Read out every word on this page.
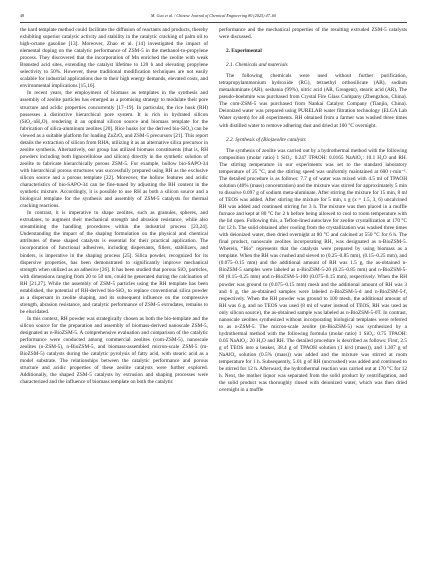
48	M. Guo et al. / Chinese Journal of Chemical Engineering 80 (2025) 47–60

the hard template method could facilitate the diffusion of reactants and products, thereby exhibiting superior catalytic activity and stability in the catalytic cracking of palm oil to high-octane gasoline [13]. Moreover, Zhao et al. [14] investigated the impact of elemental doping on the catalytic performance of ZSM-5 in the methanol-to-propylene process. They discovered that the incorporation of Mn enriched the zeolite with weak Brønsted acid sites, extending the catalyst lifetime to 120 h and elevating propylene selectivity to 50%. However, these traditional modification techniques are not easily scalable for industrial applications due to their high energy demands, elevated costs, and environmental implications [15,16].

In recent years, the employment of biomass as templates in the synthesis and assembly of zeolite particles has emerged as a promising strategy to modulate their pore structure and acidic properties concurrently [17–19]. In particular, the rice husk (RH) possesses a distinctive hierarchical pore system. It is rich in hydrated silicon (SiO₂·nH₂O), rendering it an optimal silicon source and biomass template for the fabrication of silica-aluminum zeolites [20]. Rice husks (or the derived bio-SiO₂) can be viewed as a suitable platform for loading ZnZrOₓ and ZSM-5 precursors [21]. This report details the extraction of silicon from RHA, utilizing it as an alternative silica precursor in zeolite synthesis. Alternatively, our group has utilized biomass constituents (that is, RH powders including both lignocellulose and silicon) directly in the synthetic solution of zeolite to fabricate hierarchically porous ZSM-5. For example, hollow bio-SAPO-34 with hierarchical porous structures was successfully prepared using RH as the exclusive silicon source and a porous template [22]. Moreover, the hollow features and acidic characteristics of bio-SAPO-34 can be fine-tuned by adjusting the RH content in the synthetic mixture. Accordingly, it is possible to use RH as both a silicon source and a biological template for the synthesis and assembly of ZSM-5 catalysts for thermal cracking reactions.

In contrast, it is imperative to shape zeolites, such as granules, spheres, and extrudates, to augment their mechanical strength and abrasion resistance, while also streamlining the handling procedures within the industrial process [23,24]. Understanding the impact of the shaping formulation on the physical and chemical attributes of these shaped catalysts is essential for their practical application. The incorporation of functional adhesives, including dispersants, fillers, stabilizers, and binders, is imperative in the shaping process [25]. Silica powder, recognized for its dispersive properties, has been demonstrated to significantly improve mechanical strength when utilized as an adhesive [26]. It has been studied that porous SiO₂ particles, with dimensions ranging from 20 to 50 nm, could be generated during the calcination of RH [21,27]. While the assembly of ZSM-5 particles using the RH template has been established, the potential of RH-derived bio-SiO₂ to replace conventional silica powder as a dispersant in zeolite shaping, and its subsequent influence on the compressive strength, abrasion resistance, and catalytic performance of ZSM-5 extrudates, remains to be elucidated.

In this context, RH powder was strategically chosen as both the bio-template and the silicon source for the preparation and assembly of biomass-derived nanoscale ZSM-5, designated as n-BioZSM-5. A comprehensive evaluation and comparison of the catalytic performance were conducted among commercial zeolites (com-ZSM-5), nanoscale zeolites (n-ZSM-5), n-BioZSM-5, and biomass-assembled micron-scale ZSM-5 (m-BioZSM-5) catalysts during the catalytic pyrolysis of fatty acid, with stearic acid as a model substrate. The relationships between the catalytic performance and porous structure and acidic properties of these zeolite catalysts were further explored. Additionally, the shaped ZSM-5 catalysts by extrusion and shaping processes were characterized and the influence of biomass template on both the catalytic

performance and the mechanical properties of the resulting extruded ZSM-5 catalysts were discussed.

2. Experimental

2.1. Chemicals and materials

The following chemicals were used without further purification, tetrapropylammonium hydroxide (RG), tetraethyl orthosilicate (AR), sodium metaaluminate (AR), sesbania (99%), nitric acid (AR, Greagent), stearic acid (AR). The pseudo-boehmite was purchased from Crystal Fire Glass Company (Zhengzhou, China). The com-ZSM-5 was purchased from Nankai Catalyst Company (Tianjin, China). Deionized water was prepared using PURELAB water filtration technology (ELGA Lab Water system) for all experiments. RH obtained from a farmer was washed three times with distilled water to remove adhering dust and dried at 100 °C overnight.

2.2. Synthesis of (Bio)zeolite catalysts

The synthesis of zeolite was carried out by a hydrothermal method with the following composition (molar ratio) 1 SiO₂: 0.247 TPAOH: 0.0165 NaAlO₂: 10.1 H₂O and RH. The stirring temperature in our experiments was set to the standard laboratory temperature of 25 °C, and the stirring speed was uniformly maintained at 600 r·min⁻¹. The detailed procedure is as follows: 7.7 g of water was mixed with 4.5 ml of TPAOH solution (40% (mass) concentration) and the mixture was stirred for approximately 5 min to dissolve 0.097 g of sodium meta-aluminate. After stirring the mixture for 15 min, 8 ml of TEOS was added. After stirring the mixture for 5 min, x g (x = 1.5, 3, 6) uncalcined RH was added and continued stirring for 3 h. The mixture was then placed in a muffle furnace and kept at 80 °C for 2 h before being allowed to cool to room temperature with the lid open. Following this, a Teflon-lined autoclave for zeolite crystallization at 170 °C for 12 h. The solid obtained after cooling from the crystallization was washed three times with deionized water, then dried overnight at 80 °C and calcined at 550 °C for 6 h. The final product, nanoscale zeolites incorporating RH, was designated as n-BioZSM-5. Wherein, “Bio” represents that the catalysts were prepared by using biomass as a template. When the RH was crushed and sieved to (0.25–0.85 mm), (0.15–0.25 mm), and (0.075–0.15 mm) and the additional amount of RH was 1.5 g, the as-obtained n-BioZSM-5 samples were labeled as n-BioZSM-5-20 (0.25–0.85 mm) and n-BioZSM-5-60 (0.15–0.25 mm) and n-BioZSM-5-100 (0.075–0.15 mm), respectively. When the RH powder was ground to (0.075–0.15 mm) mesh and the additional amount of RH was 3 and 6 g, the as-obtained samples were labeled n-BioZSM-5-d and n-BioZSM-5-f, respectively. When the RH powder was ground to 100 mesh, the additional amount of RH was 6 g, and no TEOS was used (8 ml of water instead of TEOS, RH was used as only silicon source), the as-obtained sample was labeled as n-BioZSM-5-0T. In contrast, nanoscale zeolites synthesized without incorporating biological templates were referred to as n-ZSM-5. The micron-scale zeolite (m-BioZSM-5) was synthesized by a hydrothermal method with the following formula (molar ratio) 1 SiO₂: 0.75 TPAOH: 0.05 NaAlO₂: 20 H₂O and RH. The detailed procedure is described as follows: First, 2.5 g of TEOS into a beaker, 38.4 g of TPAOH solution (1 kl/d (mass)), and 1.307 g of NaAlO₂ solution (0.5% (mass)) was added and the mixture was stirred at room temperature for 1 h. Subsequently, 5.01 g of RH (uncrushed) was added and continued to be stirred for 12 h. Afterward, the hydrothermal reaction was carried out at 170 °C for 12 h. Next, the mother liquor was separated from the solid product by centrifugation, and the solid product was thoroughly rinsed with deionized water, which was then dried overnight in a muffle
